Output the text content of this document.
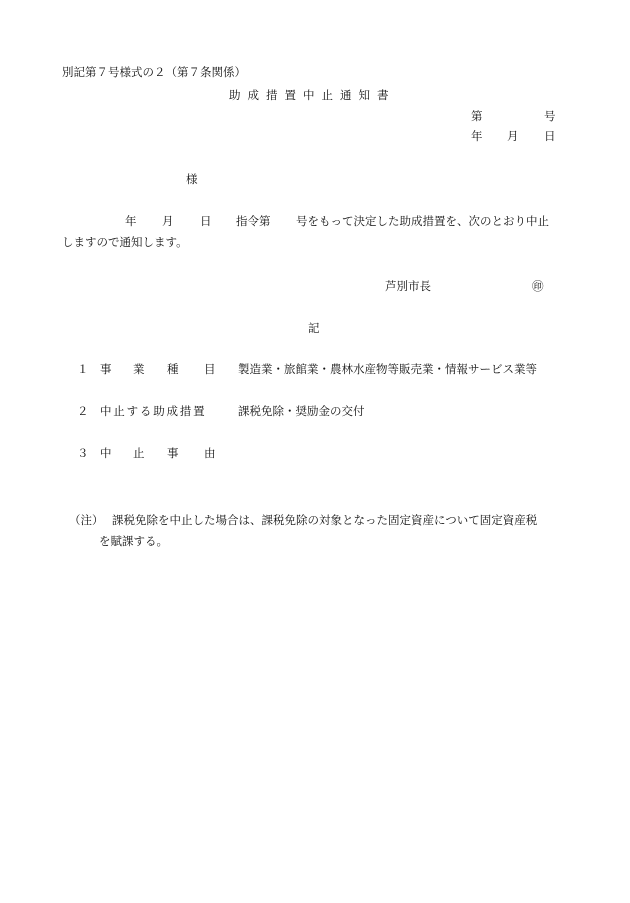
別記第７号様式の２（第７条関係）
助成措置中止通知書
第	号
年 月 日
様
年 月 日 指令第 号をもって決定した助成措置を、次のとおり中止
しますので通知します。
芦別市長	㊞
記
１ 事 業 種 目 製造業・旅館業・農林水産物等販売業・情報サービス業等
２ 中止する助成措置	課税免除・奨励金の交付
３ 中 止 事 由
（注） 課税免除を中止した場合は、課税免除の対象となった固定資産について固定資産税
を賦課する。
